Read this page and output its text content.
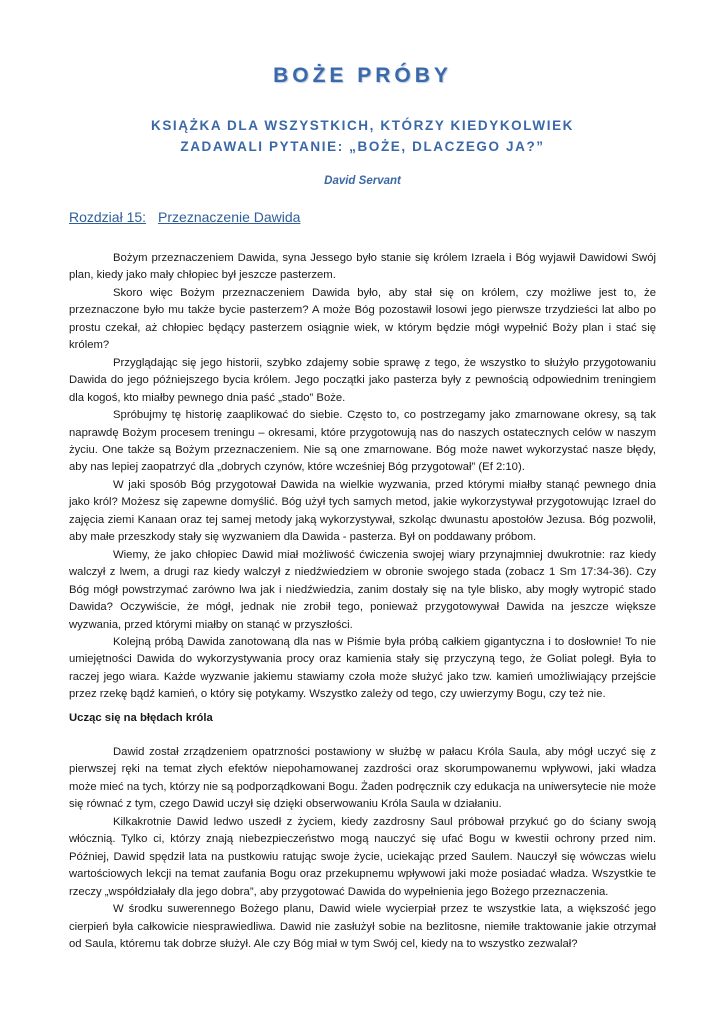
BOŻE PRÓBY
KSIĄŻKA DLA WSZYSTKICH, KTÓRZY KIEDYKOLWIEK
ZADAWALI PYTANIE: „BOŻE, DLACZEGO JA?”
David Servant
Rozdział 15: Przeznaczenie Dawida

Bożym przeznaczeniem Dawida, syna Jessego było stanie się królem Izraela i Bóg wyjawił Dawidowi Swój plan, kiedy jako mały chłopiec był jeszcze pasterzem.

Skoro więc Bożym przeznaczeniem Dawida było, aby stał się on królem, czy możliwe jest to, że przeznaczone było mu także bycie pasterzem? A może Bóg pozostawił losowi jego pierwsze trzydzieści lat albo po prostu czekał, aż chłopiec będący pasterzem osiągnie wiek, w którym będzie mógł wypełnić Boży plan i stać się królem?

Przyglądając się jego historii, szybko zdajemy sobie sprawę z tego, że wszystko to służyło przygotowaniu Dawida do jego późniejszego bycia królem. Jego początki jako pasterza były z pewnością odpowiednim treningiem dla kogoś, kto miałby pewnego dnia paść „stado” Boże.

Spróbujmy tę historię zaaplikować do siebie. Często to, co postrzegamy jako zmarnowane okresy, są tak naprawdę Bożym procesem treningu – okresami, które przygotowują nas do naszych ostatecznych celów w naszym życiu. One także są Bożym przeznaczeniem. Nie są one zmarnowane. Bóg może nawet wykorzystać nasze błędy, aby nas lepiej zaopatrzyć dla „dobrych czynów, które wcześniej Bóg przygotował” (Ef 2:10).

W jaki sposób Bóg przygotował Dawida na wielkie wyzwania, przed którymi miałby stanąć pewnego dnia jako król? Możesz się zapewne domyślić. Bóg użył tych samych metod, jakie wykorzystywał przygotowując Izrael do zajęcia ziemi Kanaan oraz tej samej metody jaką wykorzystywał, szkoląc dwunastu apostołów Jezusa. Bóg pozwolił, aby małe przeszkody stały się wyzwaniem dla Dawida - pasterza. Był on poddawany próbom.

Wiemy, że jako chłopiec Dawid miał możliwość ćwiczenia swojej wiary przynajmniej dwukrotnie: raz kiedy walczył z lwem, a drugi raz kiedy walczył z niedźwiedziem w obronie swojego stada (zobacz 1 Sm 17:34-36). Czy Bóg mógł powstrzymać zarówno lwa jak i niedźwiedzia, zanim dostały się na tyle blisko, aby mogły wytropić stado Dawida? Oczywiście, że mógł, jednak nie zrobił tego, ponieważ przygotowywał Dawida na jeszcze większe wyzwania, przed którymi miałby on stanąć w przyszłości.

Kolejną próbą Dawida zanotowaną dla nas w Piśmie była próbą całkiem gigantyczna i to dosłownie! To nie umiejętności Dawida do wykorzystywania procy oraz kamienia stały się przyczyną tego, że Goliat poległ. Była to raczej jego wiara. Każde wyzwanie jakiemu stawiamy czoła może służyć jako tzw. kamień umożliwiający przejście przez rzekę bądź kamień, o który się potykamy. Wszystko zależy od tego, czy uwierzymy Bogu, czy też nie.

Ucząc się na błędach króla

Dawid został zrządzeniem opatrzności postawiony w służbę w pałacu Króla Saula, aby mógł uczyć się z pierwszej ręki na temat złych efektów niepohamowanej zazdrości oraz skorumpowanemu wpływowi, jaki władza może mieć na tych, którzy nie są podporządkowani Bogu. Żaden podręcznik czy edukacja na uniwersytecie nie może się równać z tym, czego Dawid uczył się dzięki obserwowaniu Króla Saula w działaniu.

Kilkakrotnie Dawid ledwo uszedł z życiem, kiedy zazdrosny Saul próbował przykuć go do ściany swoją włócznią. Tylko ci, którzy znają niebezpieczeństwo mogą nauczyć się ufać Bogu w kwestii ochrony przed nim. Później, Dawid spędził lata na pustkowiu ratując swoje życie, uciekając przed Saulem. Nauczył się wówczas wielu wartościowych lekcji na temat zaufania Bogu oraz przekupnemu wpływowi jaki może posiadać władza. Wszystkie te rzeczy „współdziałały dla jego dobra”, aby przygotować Dawida do wypełnienia jego Bożego przeznaczenia.

W środku suwerennego Bożego planu, Dawid wiele wycierpiał przez te wszystkie lata, a większość jego cierpień była całkowicie niesprawiedliwa. Dawid nie zasłużył sobie na bezlitosne, niemiłe traktowanie jakie otrzymał od Saula, któremu tak dobrze służył. Ale czy Bóg miał w tym Swój cel, kiedy na to wszystko zezwalał?
